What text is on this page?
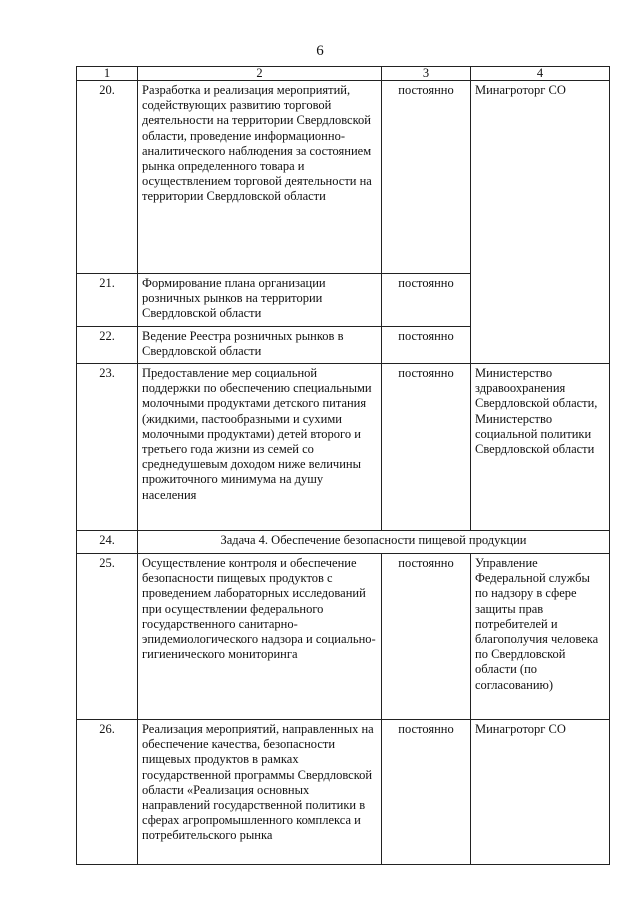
6
1	2	3	4
20.	Разработка и реализация мероприятий, содействующих развитию торговой деятельности на территории Свердловской области, проведение информационно-аналитического наблюдения за состоянием рынка определенного товара и осуществлением торговой деятельности на территории Свердловской области	постоянно	Минагроторг СО
21.	Формирование плана организации розничных рынков на территории Свердловской области	постоянно	
22.	Ведение Реестра розничных рынков в Свердловской области	постоянно	
23.	Предоставление мер социальной поддержки по обеспечению специальными молочными продуктами детского питания (жидкими, пастообразными и сухими молочными продуктами) детей второго и третьего года жизни из семей со среднедушевым доходом ниже величины прожиточного минимума на душу населения	постоянно	Министерство здравоохранения Свердловской области, Министерство социальной политики Свердловской области
24.	Задача 4. Обеспечение безопасности пищевой продукции		
25.	Осуществление контроля и обеспечение безопасности пищевых продуктов с проведением лабораторных исследований при осуществлении федерального государственного санитарно-эпидемиологического надзора и социально-гигиенического мониторинга	постоянно	Управление Федеральной службы по надзору в сфере защиты прав потребителей и благополучия человека по Свердловской области (по согласованию)
26.	Реализация мероприятий, направленных на обеспечение качества, безопасности пищевых продуктов в рамках государственной программы Свердловской области «Реализация основных направлений государственной политики в сферах агропромышленного комплекса и потребительского рынка	постоянно	Минагроторг СО
